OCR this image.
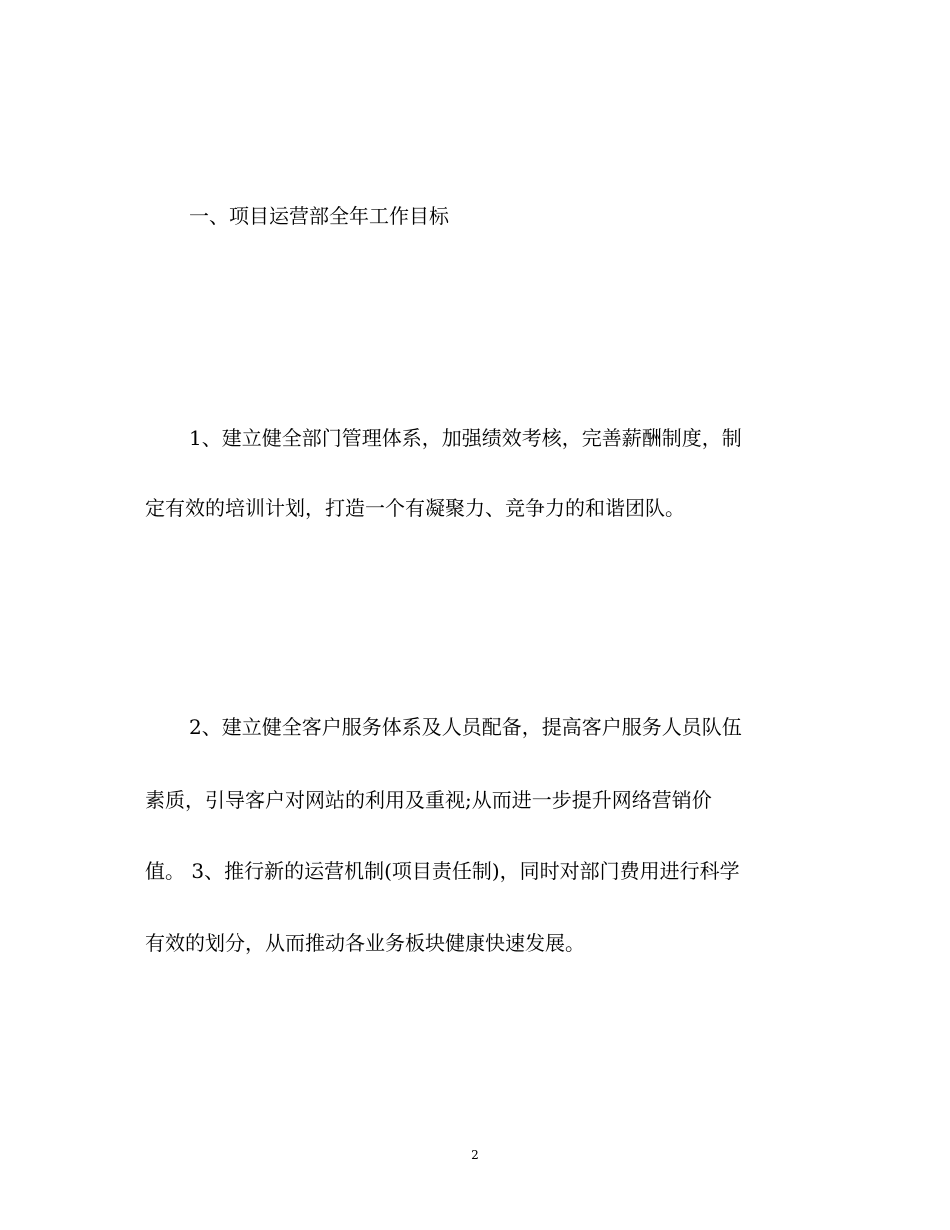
一、项目运营部全年工作目标
1、建立健全部门管理体系，加强绩效考核，完善薪酬制度，制
定有效的培训计划，打造一个有凝聚力、竞争力的和谐团队。
2、建立健全客户服务体系及人员配备，提高客户服务人员队伍
素质，引导客户对网站的利用及重视;从而进一步提升网络营销价
值。 3、推行新的运营机制(项目责任制)，同时对部门费用进行科学
有效的划分，从而推动各业务板块健康快速发展。
2
